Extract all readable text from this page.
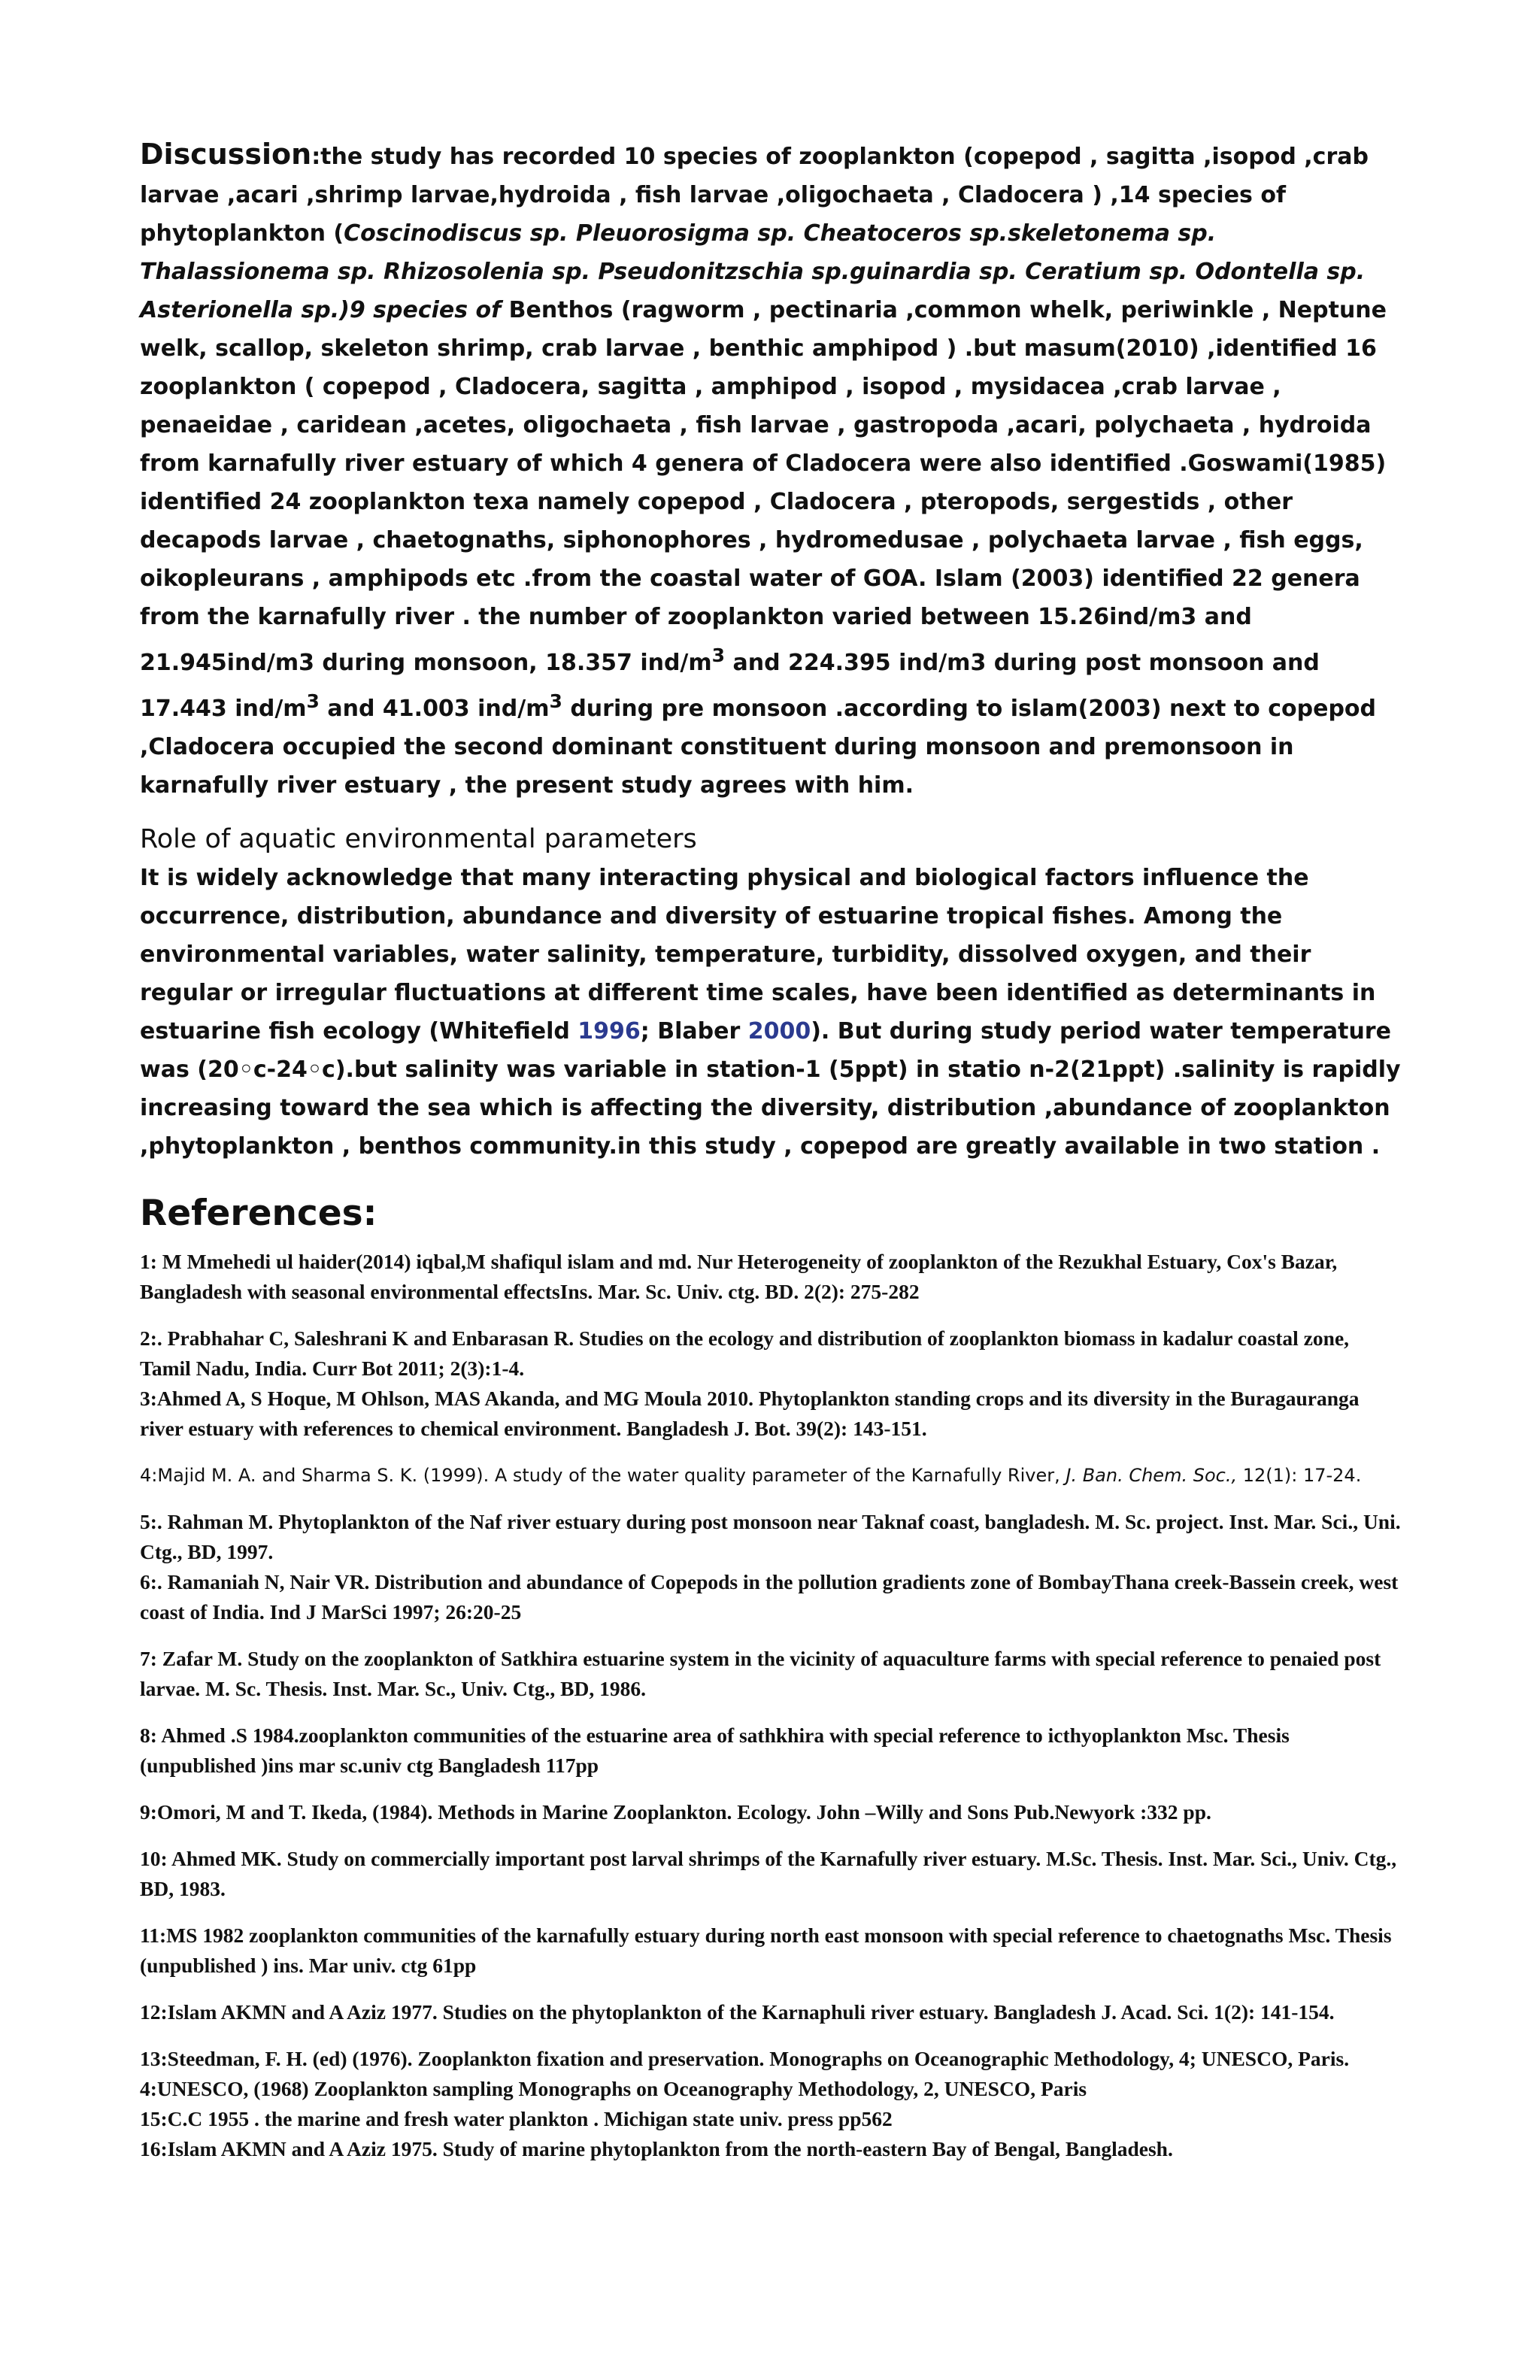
Discussion:the study has recorded 10 species of zooplankton (copepod , sagitta ,isopod ,crab larvae ,acari ,shrimp larvae,hydroida , fish larvae ,oligochaeta , Cladocera ) ,14 species of phytoplankton (Coscinodiscus sp. Pleuorosigma sp. Cheatoceros sp.skeletonema sp. Thalassionema sp. Rhizosolenia sp. Pseudonitzschia sp.guinardia sp. Ceratium sp. Odontella sp. Asterionella sp.)9 species of Benthos (ragworm , pectinaria ,common whelk, periwinkle , Neptune welk, scallop, skeleton shrimp, crab larvae , benthic amphipod ) .but masum(2010) ,identified 16 zooplankton ( copepod , Cladocera, sagitta , amphipod , isopod , mysidacea ,crab larvae , penaeidae , caridean ,acetes, oligochaeta , fish larvae , gastropoda ,acari, polychaeta , hydroida from karnafully river estuary of which 4 genera of Cladocera were also identified .Goswami(1985) identified 24 zooplankton texa namely copepod , Cladocera , pteropods, sergestids , other decapods larvae , chaetognaths, siphonophores , hydromedusae , polychaeta larvae , fish eggs, oikopleurans , amphipods etc .from the coastal water of GOA. Islam (2003) identified 22 genera from the karnafully river . the number of zooplankton varied between 15.26ind/m3 and 21.945ind/m3 during monsoon, 18.357 ind/$m^3$ and 224.395 ind/m3 during post monsoon and 17.443 ind/$m^3$ and 41.003 ind/$m^3$ during pre monsoon .according to islam(2003) next to copepod ,Cladocera occupied the second dominant constituent during monsoon and premonsoon in karnafully river estuary , the present study agrees with him.

Role of aquatic environmental parameters

It is widely acknowledge that many interacting physical and biological factors influence the occurrence, distribution, abundance and diversity of estuarine tropical fishes. Among the environmental variables, water salinity, temperature, turbidity, dissolved oxygen, and their regular or irregular fluctuations at different time scales, have been identified as determinants in estuarine fish ecology (Whitefield 1996; Blaber 2000). But during study period water temperature was (20◦c-24◦c).but salinity was variable in station-1 (5ppt) in statio n-2(21ppt) .salinity is rapidly increasing toward the sea which is affecting the diversity, distribution ,abundance of zooplankton ,phytoplankton , benthos community.in this study , copepod are greatly available in two station .

References:

1: M Mmehedi ul haider(2014) iqbal,M shafiqul islam and md. Nur Heterogeneity of zooplankton of the Rezukhal Estuary, Cox's Bazar, Bangladesh with seasonal environmental effectsIns. Mar. Sc. Univ. ctg. BD. 2(2): 275-282

2:. Prabhahar C, Saleshrani K and Enbarasan R. Studies on the ecology and distribution of zooplankton biomass in kadalur coastal zone, Tamil Nadu, India. Curr Bot 2011; 2(3):1-4.

3:Ahmed A, S Hoque, M Ohlson, MAS Akanda, and MG Moula 2010. Phytoplankton standing crops and its diversity in the Buragauranga river estuary with references to chemical environment. Bangladesh J. Bot. 39(2): 143-151.

4:Majid M. A. and Sharma S. K. (1999). A study of the water quality parameter of the Karnafully River, J. Ban. Chem. Soc., 12(1): 17-24.

5:. Rahman M. Phytoplankton of the Naf river estuary during post monsoon near Taknaf coast, bangladesh. M. Sc. project. Inst. Mar. Sci., Uni. Ctg., BD, 1997.

6:. Ramaniah N, Nair VR. Distribution and abundance of Copepods in the pollution gradients zone of BombayThana creek-Bassein creek, west coast of India. Ind J MarSci 1997; 26:20-25

7: Zafar M. Study on the zooplankton of Satkhira estuarine system in the vicinity of aquaculture farms with special reference to penaied post larvae. M. Sc. Thesis. Inst. Mar. Sc., Univ. Ctg., BD, 1986.

8: Ahmed .S 1984.zooplankton communities of the estuarine area of sathkhira with special reference to icthyoplankton Msc. Thesis (unpublished )ins mar sc.univ ctg Bangladesh 117pp

9:Omori, M and T. Ikeda, (1984). Methods in Marine Zooplankton. Ecology. John –Willy and Sons Pub.Newyork :332 pp.

10: Ahmed MK. Study on commercially important post larval shrimps of the Karnafully river estuary. M.Sc. Thesis. Inst. Mar. Sci., Univ. Ctg., BD, 1983.

11:MS 1982 zooplankton communities of the karnafully estuary during north east monsoon with special reference to chaetognaths Msc. Thesis (unpublished ) ins. Mar univ. ctg 61pp

12:Islam AKMN and A Aziz 1977. Studies on the phytoplankton of the Karnaphuli river estuary. Bangladesh J. Acad. Sci. 1(2): 141-154.

13:Steedman, F. H. (ed) (1976). Zooplankton fixation and preservation. Monographs on Oceanographic Methodology, 4; UNESCO, Paris.

4:UNESCO, (1968) Zooplankton sampling Monographs on Oceanography Methodology, 2, UNESCO, Paris

15:C.C 1955 . the marine and fresh water plankton . Michigan state univ. press pp562

16:Islam AKMN and A Aziz 1975. Study of marine phytoplankton from the north-eastern Bay of Bengal, Bangladesh.
